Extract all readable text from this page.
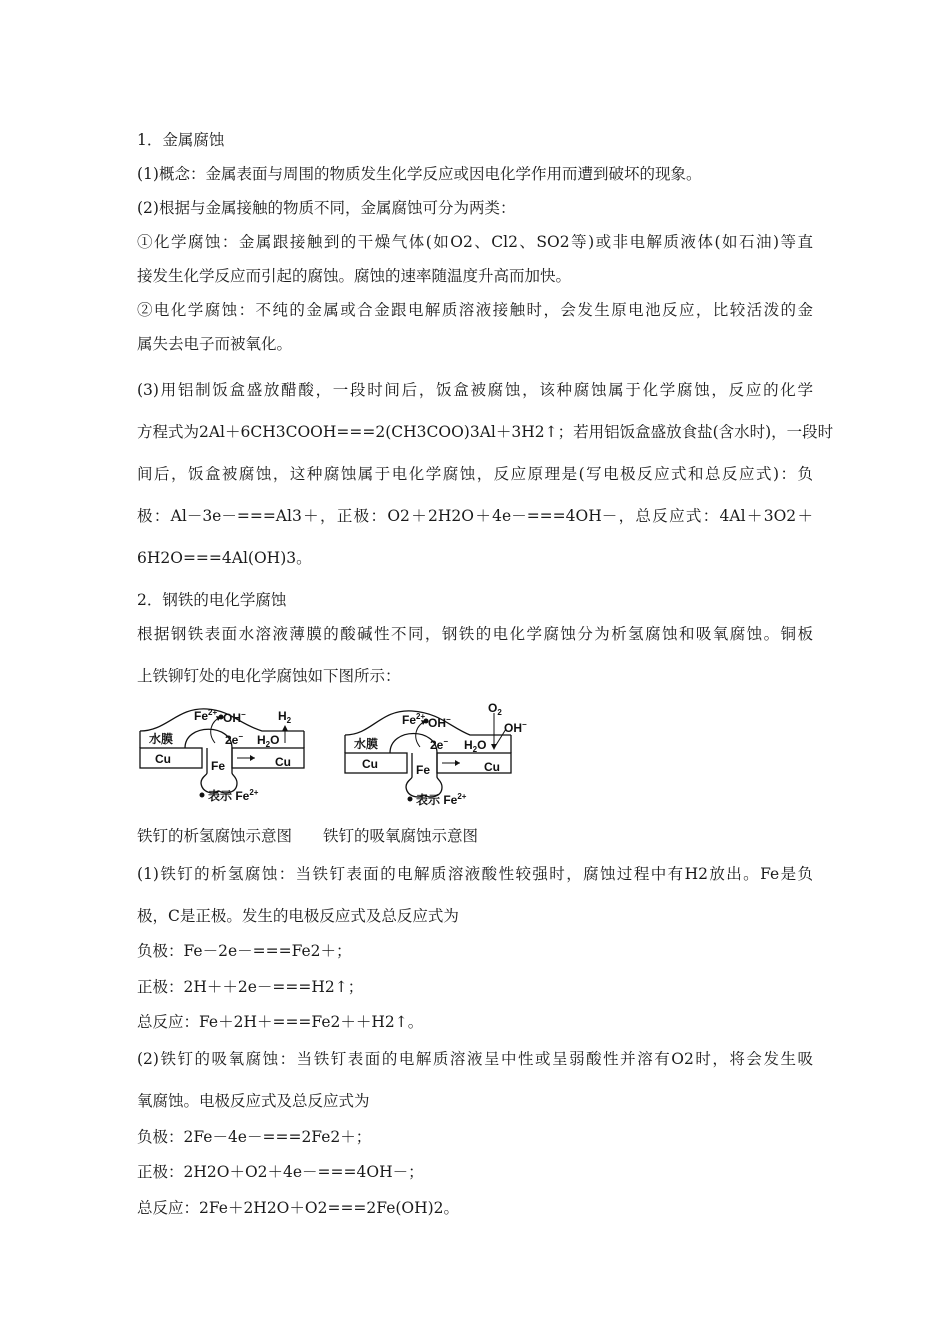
1．金属腐蚀
(1)概念：金属表面与周围的物质发生化学反应或因电化学作用而遭到破坏的现象。
(2)根据与金属接触的物质不同，金属腐蚀可分为两类：
①化学腐蚀：金属跟接触到的干燥气体(如O2、Cl2、SO2等)或非电解质液体(如石油)等直
接发生化学反应而引起的腐蚀。腐蚀的速率随温度升高而加快。
②电化学腐蚀：不纯的金属或合金跟电解质溶液接触时，会发生原电池反应，比较活泼的金
属失去电子而被氧化。
(3)用铝制饭盒盛放醋酸，一段时间后，饭盒被腐蚀，该种腐蚀属于化学腐蚀，反应的化学
方程式为2Al＋6CH3COOH===2(CH3COO)3Al＋3H2↑；若用铝饭盒盛放食盐(含水时)，一段时
间后，饭盒被腐蚀，这种腐蚀属于电化学腐蚀，反应原理是(写电极反应式和总反应式)：负
极：Al－3e－===Al3＋，正极：O2＋2H2O＋4e－===4OH－，总反应式：4Al＋3O2＋
6H2O===4Al(OH)3。
2．钢铁的电化学腐蚀
根据钢铁表面水溶液薄膜的酸碱性不同，钢铁的电化学腐蚀分为析氢腐蚀和吸氧腐蚀。铜板
上铁铆钉处的电化学腐蚀如下图所示：
水膜
Cu	Cu
Fe
$Fe^{2+}$ OH−
2e− $H_2O$
$H_2$
表示 $Fe^{2+}$
水膜
Cu	Cu
Fe
$Fe^{2+}$ OH−
2e− $H_2O$
$O_2$
OH−
表示 $Fe^{2+}$
铁钉的析氢腐蚀示意图　　铁钉的吸氧腐蚀示意图
(1)铁钉的析氢腐蚀：当铁钉表面的电解质溶液酸性较强时，腐蚀过程中有H2放出。Fe是负
极，C是正极。发生的电极反应式及总反应式为
负极：Fe－2e－===Fe2＋；
正极：2H＋＋2e－===H2↑；
总反应：Fe＋2H＋===Fe2＋＋H2↑。
(2)铁钉的吸氧腐蚀：当铁钉表面的电解质溶液呈中性或呈弱酸性并溶有O2时，将会发生吸
氧腐蚀。电极反应式及总反应式为
负极：2Fe－4e－===2Fe2＋；
正极：2H2O＋O2＋4e－===4OH－；
总反应：2Fe＋2H2O＋O2===2Fe(OH)2。
